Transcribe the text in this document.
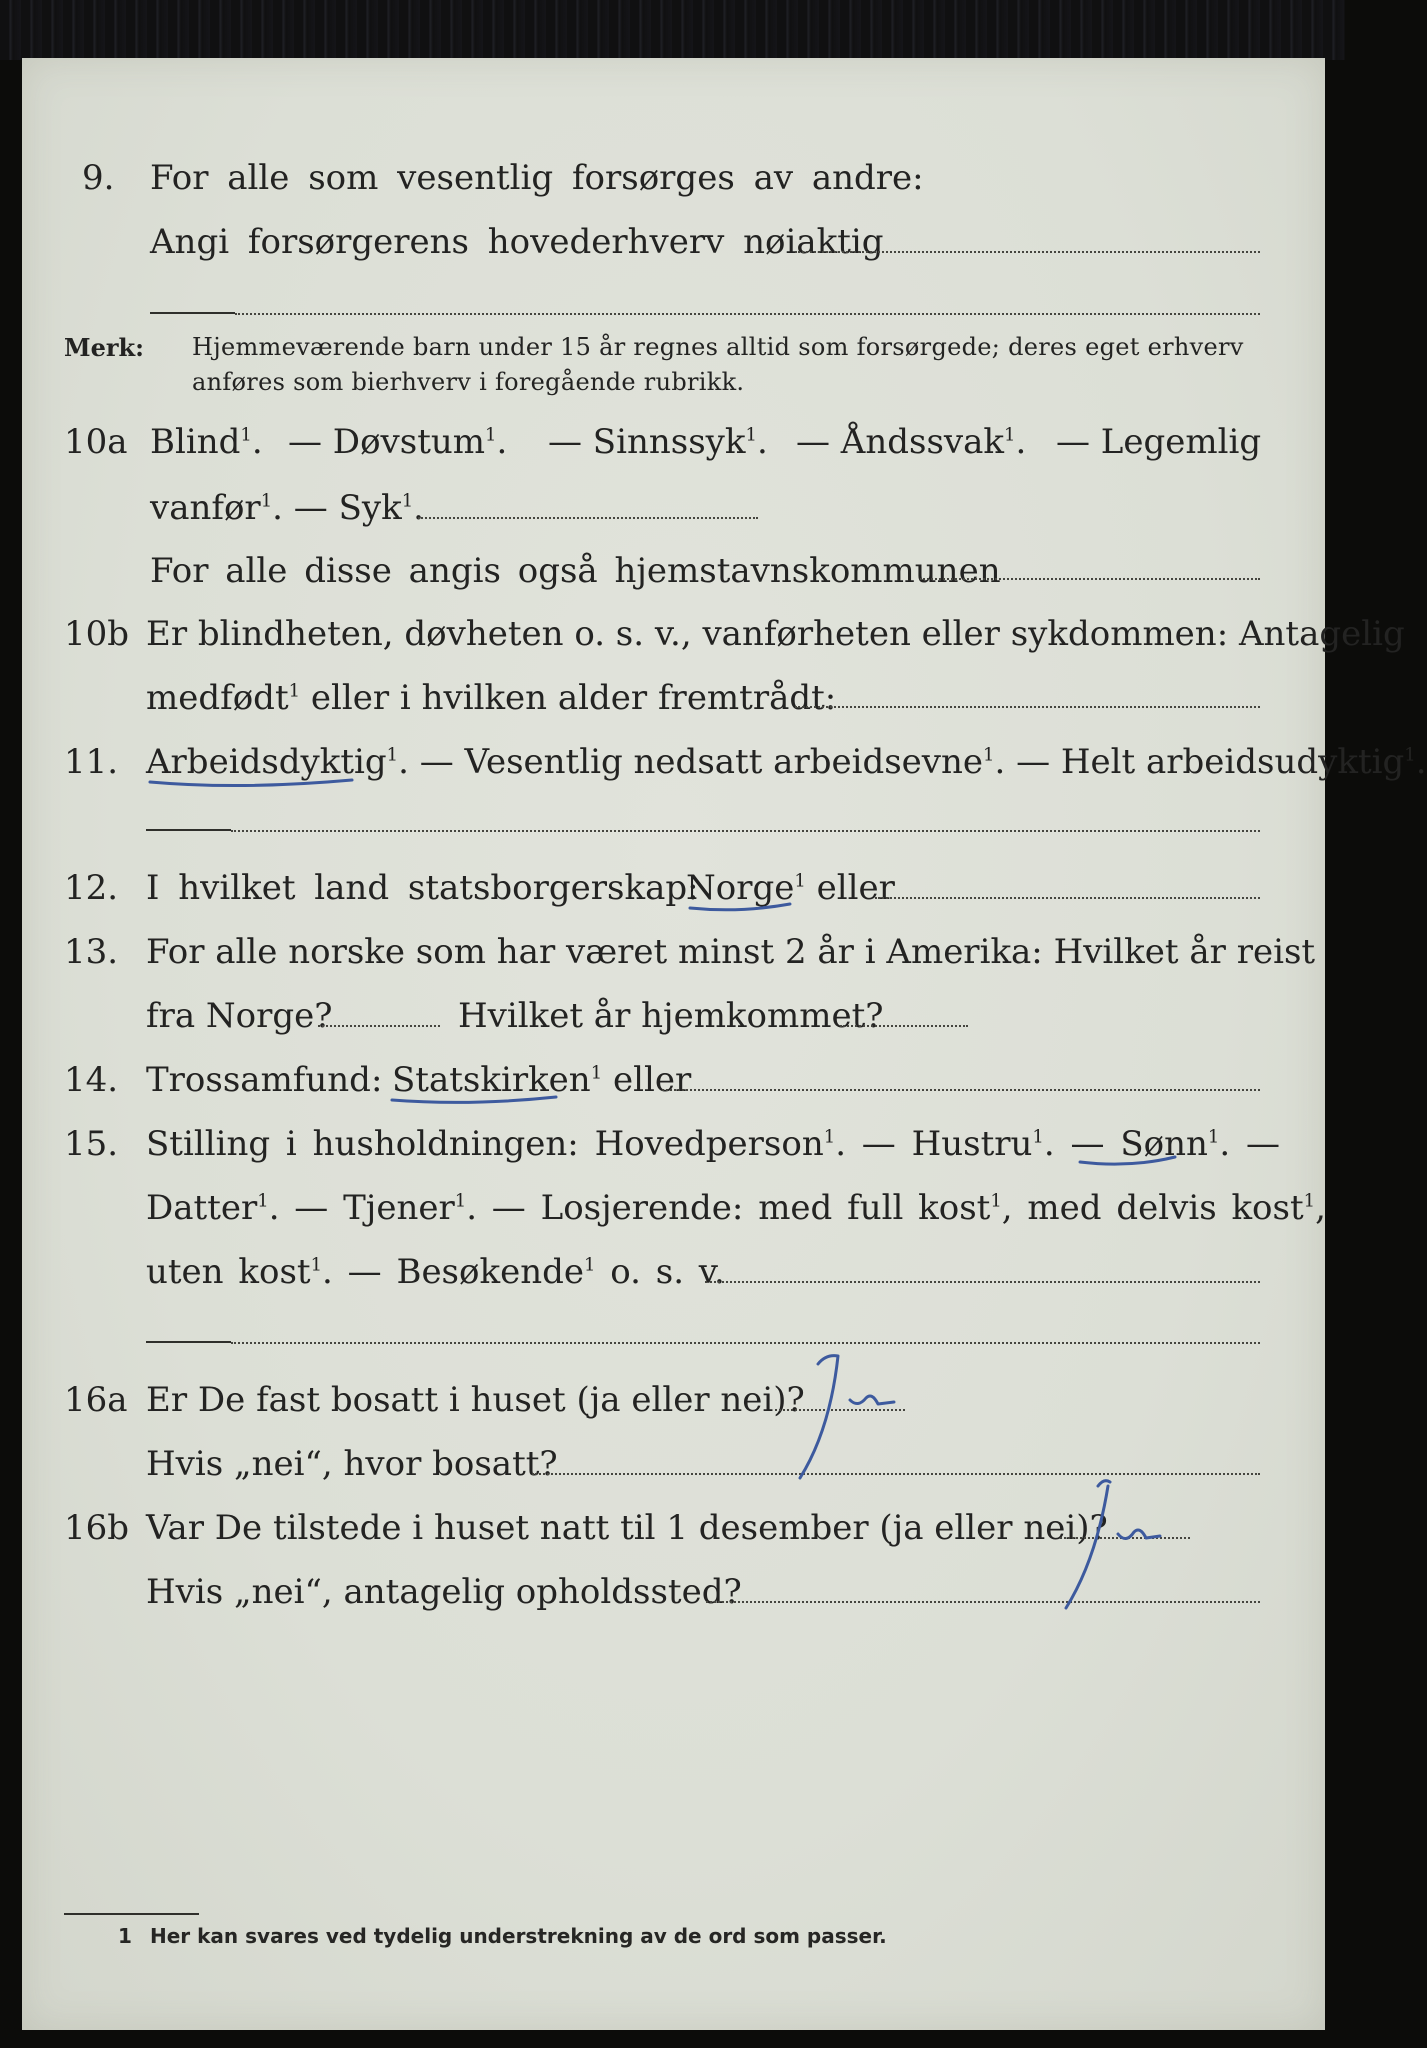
9. For alle som vesentlig forsørges av andre:
Angi forsørgerens hovederhverv nøiaktig
Merk: Hjemmeværende barn under 15 år regnes alltid som forsørgede; deres eget erhverv
anføres som bierhverv i foregående rubrikk.
10a Blind$^1$. — Døvstum$^1$. — Sinnssyk$^1$. — Åndssvak$^1$. — Legemlig
vanfør$^1$. — Syk$^1$.
For alle disse angis også hjemstavnskommunen
10b Er blindheten, døvheten o. s. v., vanførheten eller sykdommen: Antagelig
medfødt$^1$ eller i hvilken alder fremtrådt:
11. Arbeidsdyktig$^1$. — Vesentlig nedsatt arbeidsevne$^1$. — Helt arbeidsudyktig$^1$.
12. I hvilket land statsborgerskap:
Norge$^1$ eller
13. For alle norske som har været minst 2 år i Amerika: Hvilket år reist
fra Norge?	Hvilket år hjemkommet?
14. Trossamfund: Statskirken$^1$ eller
15. Stilling i husholdningen: Hovedperson$^1$. — Hustru$^1$. — Sønn$^1$. —
Datter$^1$. — Tjener$^1$. — Losjerende: med full kost$^1$, med delvis kost$^1$,
uten kost$^1$. — Besøkende$^1$ o. s. v.
16a Er De fast bosatt i huset (ja eller nei)?
Hvis „nei“, hvor bosatt?
16b Var De tilstede i huset natt til 1 desember (ja eller nei)?
Hvis „nei“, antagelig opholdssted?
1 Her kan svares ved tydelig understrekning av de ord som passer.
